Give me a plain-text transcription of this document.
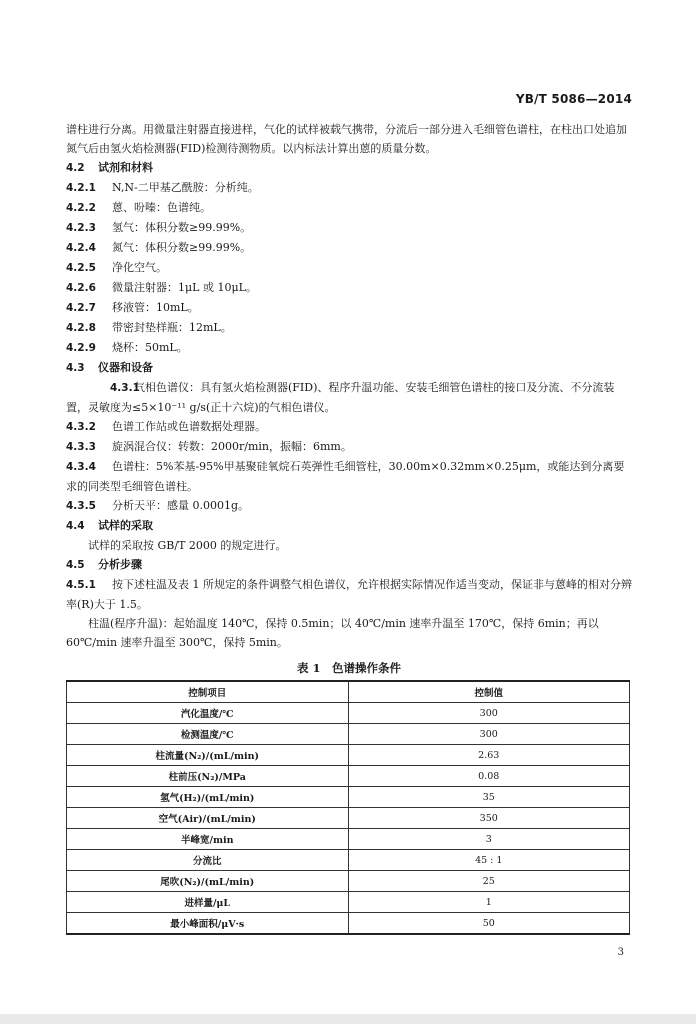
YB/T 5086—2014

谱柱进行分离。用微量注射器直接进样，气化的试样被载气携带，分流后一部分进入毛细管色谱柱，在柱出口处追加氮气后由氢火焰检测器(FID)检测待测物质。以内标法计算出蒽的质量分数。

4.2 试剂和材料
4.2.1 N,N-二甲基乙酰胺：分析纯。
4.2.2 蒽、吩嗪：色谱纯。
4.2.3 氢气：体积分数≥99.99%。
4.2.4 氮气：体积分数≥99.99%。
4.2.5 净化空气。
4.2.6 微量注射器：1μL 或 10μL。
4.2.7 移液管：10mL。
4.2.8 带密封垫样瓶：12mL。
4.2.9 烧杯：50mL。
4.3 仪器和设备

4.3.1气相色谱仪：具有氢火焰检测器(FID)、程序升温功能、安装毛细管色谱柱的接口及分流、不分流装置，灵敏度为≤5×10⁻¹¹ g/s(正十六烷)的气相色谱仪。

4.3.2 色谱工作站或色谱数据处理器。
4.3.3 旋涡混合仪：转数：2000r/min，振幅：6mm。

4.3.4 色谱柱：5%苯基-95%甲基聚硅氧烷石英弹性毛细管柱，30.00m×0.32mm×0.25μm，或能达到分离要求的同类型毛细管色谱柱。

4.3.5 分析天平：感量 0.0001g。
4.4 试样的采取

试样的采取按 GB/T 2000 的规定进行。

4.5 分析步骤

4.5.1 按下述柱温及表 1 所规定的条件调整气相色谱仪，允许根据实际情况作适当变动，保证非与蒽峰的相对分辨率(R)大于 1.5。

柱温(程序升温)：起始温度 140℃，保持 0.5min；以 40℃/min 速率升温至 170℃，保持 6min；再以 60℃/min 速率升温至 300℃，保持 5min。

表 1　色谱操作条件
控制项目	控制值
汽化温度/℃	300
检测温度/℃	300
柱流量(N₂)/(mL/min)	2.63
柱前压(N₂)/MPa	0.08
氢气(H₂)/(mL/min)	35
空气(Air)/(mL/min)	350
半峰宽/min	3
分流比	45 : 1
尾吹(N₂)/(mL/min)	25
进样量/μL	1
最小峰面积/μV·s	50
3
